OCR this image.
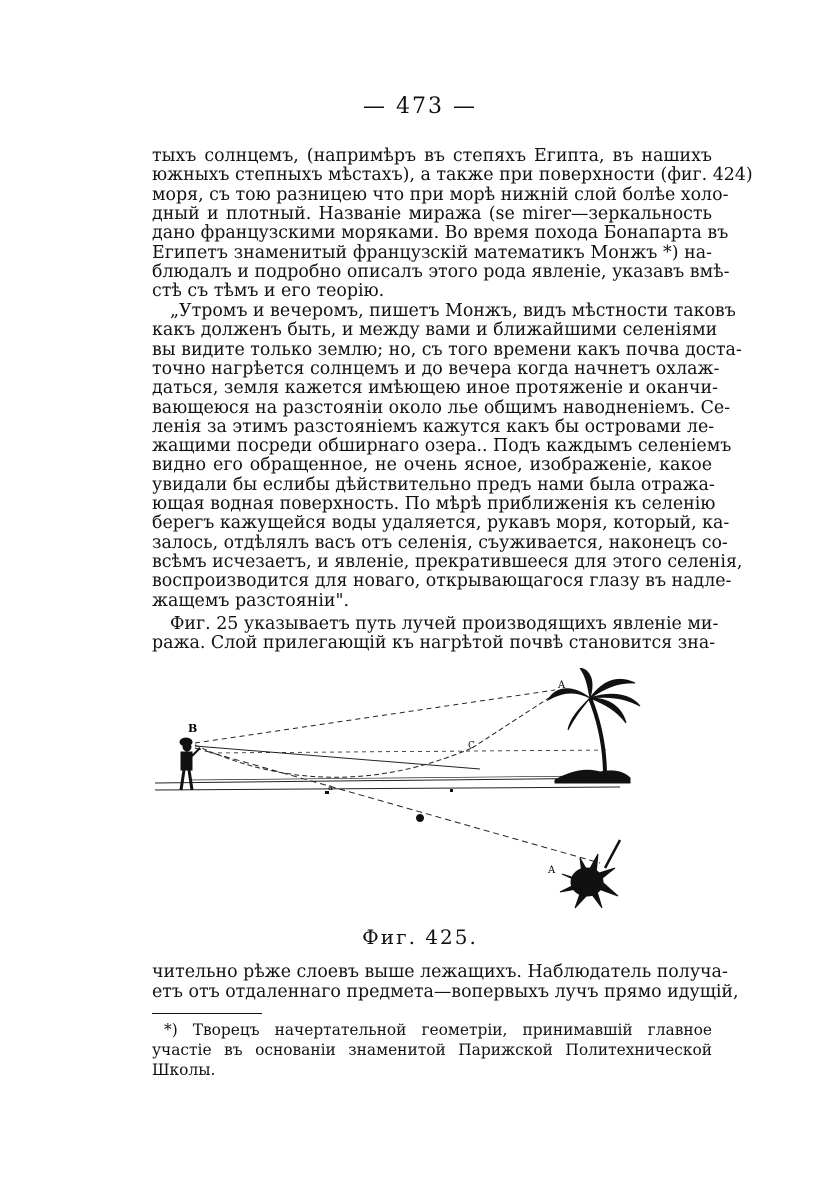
— 473 —
тыхъ солнцемъ, (напримѣръ въ степяхъ Египта, въ нашихъ
южныхъ степныхъ мѣстахъ), а также при поверхности (фиг. 424)
моря, съ тою разницею что при морѣ нижній слой болѣе холо-
дный и плотный. Названіе миража (se mirer—зеркальность
дано французскими моряками. Во время похода Бонапарта въ
Египетъ знаменитый французскій математикъ Монжъ *) на-
блюдалъ и подробно описалъ этого рода явленіе, указавъ вмѣ-
стѣ съ тѣмъ и его теорію.
„Утромъ и вечеромъ, пишетъ Монжъ, видъ мѣстности таковъ
какъ долженъ быть, и между вами и ближайшими селеніями
вы видите только землю; но, съ того времени какъ почва доста-
точно нагрѣется солнцемъ и до вечера когда начнетъ охлаж-
даться, земля кажется имѣющею иное протяженіе и оканчи-
вающеюся на разстояніи около лье общимъ наводненіемъ. Се-
ленія за этимъ разстояніемъ кажутся какъ бы островами ле-
жащими посреди обширнаго озера.. Подъ каждымъ селеніемъ
видно его обращенное, не очень ясное, изображеніе, какое
увидали бы еслибы дѣйствительно предъ нами была отража-
ющая водная поверхность. По мѣрѣ приближенія къ селенію
берегъ кажущейся воды удаляется, рукавъ моря, который, ка-
залось, отдѣлялъ васъ отъ селенія, съуживается, наконецъ со-
всѣмъ исчезаетъ, и явленіе, прекратившееся для этого селенія,
воспроизводится для новаго, открывающагося глазу въ надле-
жащемъ разстояніи".
Фиг. 25 указываетъ путь лучей производящихъ явленіе ми-
ража. Слой прилегающій къ нагрѣтой почвѣ становится зна-
B
A
A
C
a
Фиг. 425.
чительно рѣже слоевъ выше лежащихъ. Наблюдатель получа-
етъ отъ отдаленнаго предмета—вопервыхъ лучъ прямо идущій,
*) Творецъ начертательной геометріи, принимавшій главное
участіе въ основаніи знаменитой Парижской Политехнической
Школы.
